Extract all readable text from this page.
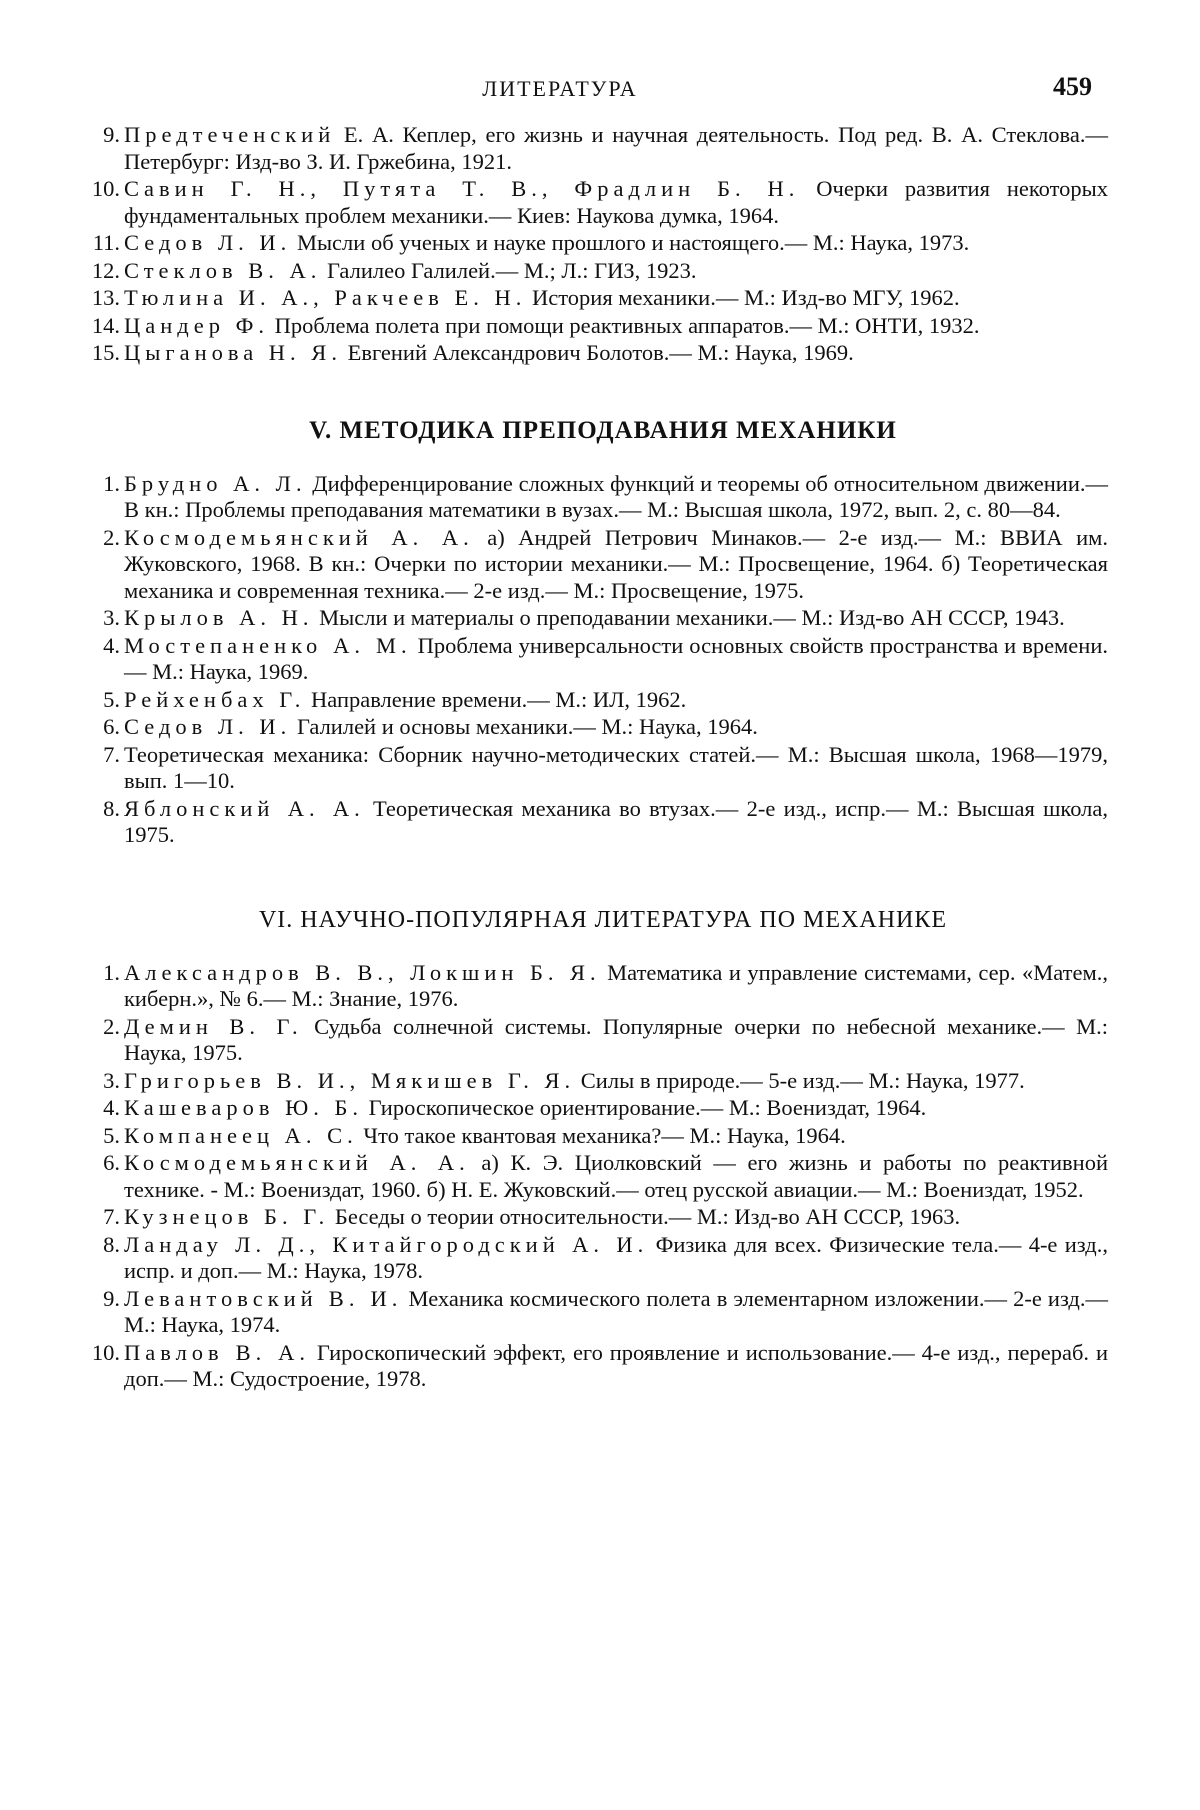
ЛИТЕРАТУРА	459
9. Предтеченский Е. А. Кеплер, его жизнь и научная деятельность. Под ред. В. А. Стеклова.— Петербург: Изд-во З. И. Гржебина, 1921.
10. Савин Г. Н., Путята Т. В., Фрадлин Б. Н. Очерки развития некоторых фундаментальных проблем механики.— Киев: Наукова думка, 1964.
11. Седов Л. И. Мысли об ученых и науке прошлого и настоящего.— М.: Наука, 1973.
12. Стеклов В. А. Галилео Галилей.— М.; Л.: ГИЗ, 1923.
13. Тюлина И. А., Ракчеев Е. Н. История механики.— М.: Изд-во МГУ, 1962.
14. Цандер Ф. Проблема полета при помощи реактивных аппаратов.— М.: ОНТИ, 1932.
15. Цыганова Н. Я. Евгений Александрович Болотов.— М.: Наука, 1969.
V. МЕТОДИКА ПРЕПОДАВАНИЯ МЕХАНИКИ
1. Брудно А. Л. Дифференцирование сложных функций и теоремы об относительном движении.— В кн.: Проблемы преподавания математики в вузах.— М.: Высшая школа, 1972, вып. 2, с. 80—84.
2. Космодемьянский А. А. а) Андрей Петрович Минаков.— 2-е изд.— М.: ВВИА им. Жуковского, 1968. В кн.: Очерки по истории механики.— М.: Просвещение, 1964. б) Теоретическая механика и современная техника.— 2-е изд.— М.: Просвещение, 1975.
3. Крылов А. Н. Мысли и материалы о преподавании механики.— М.: Изд-во АН СССР, 1943.
4. Мостепаненко А. М. Проблема универсальности основных свойств пространства и времени.— М.: Наука, 1969.
5. Рейхенбах Г. Направление времени.— М.: ИЛ, 1962.
6. Седов Л. И. Галилей и основы механики.— М.: Наука, 1964.
7. Теоретическая механика: Сборник научно-методических статей.— М.: Высшая школа, 1968—1979, вып. 1—10.
8. Яблонский А. А. Теоретическая механика во втузах.— 2-е изд., испр.— М.: Высшая школа, 1975.
VI. НАУЧНО-ПОПУЛЯРНАЯ ЛИТЕРАТУРА ПО МЕХАНИКЕ
1. Александров В. В., Локшин Б. Я. Математика и управление системами, сер. «Матем., киберн.», № 6.— М.: Знание, 1976.
2. Демин В. Г. Судьба солнечной системы. Популярные очерки по небесной механике.— М.: Наука, 1975.
3. Григорьев В. И., Мякишев Г. Я. Силы в природе.— 5-е изд.— М.: Наука, 1977.
4. Кашеваров Ю. Б. Гироскопическое ориентирование.— М.: Воениздат, 1964.
5. Компанеец А. С. Что такое квантовая механика?— М.: Наука, 1964.
6. Космодемьянский А. А. а) К. Э. Циолковский — его жизнь и работы по реактивной технике. - М.: Воениздат, 1960. б) Н. Е. Жуковский.— отец русской авиации.— М.: Воениздат, 1952.
7. Кузнецов Б. Г. Беседы о теории относительности.— М.: Изд-во АН СССР, 1963.
8. Ландау Л. Д., Китайгородский А. И. Физика для всех. Физические тела.— 4-е изд., испр. и доп.— М.: Наука, 1978.
9. Левантовский В. И. Механика космического полета в элементарном изложении.— 2-е изд.— М.: Наука, 1974.
10. Павлов В. А. Гироскопический эффект, его проявление и использование.— 4-е изд., перераб. и доп.— М.: Судостроение, 1978.
